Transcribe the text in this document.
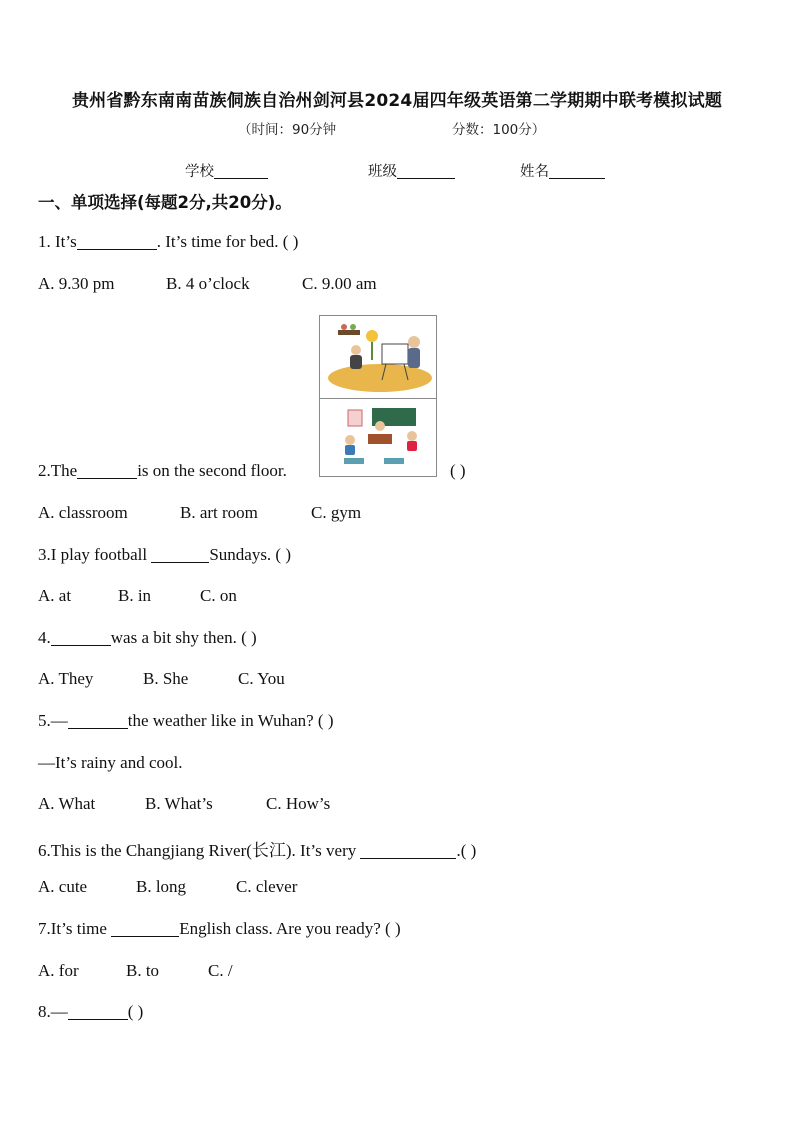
贵州省黔东南南苗族侗族自治州剑河县2024届四年级英语第二学期期中联考模拟试题
（时间：90分钟	分数：100分）
学校	班级	姓名
一、单项选择(每题2分,共20分)。
1. It’s	. It’s time for bed. ( )
A. 9.30 pm	B. 4 o’clock	C. 9.00 am
2.The	is on the second floor.	( )
A. classroom	B. art room	C. gym
3.I play football	Sundays. ( )
A. at	B. in	C. on
4.	was a bit shy then. ( )
A. They	B. She	C. You
5.—	the weather like in Wuhan? ( )
—It’s rainy and cool.
A. What	B. What’s	C. How’s
6.This is the Changjiang River(长江). It’s very	.( )
A. cute	B. long	C. clever
7.It’s time	English class. Are you ready? ( )
A. for	B. to	C. /
8.—	( )
